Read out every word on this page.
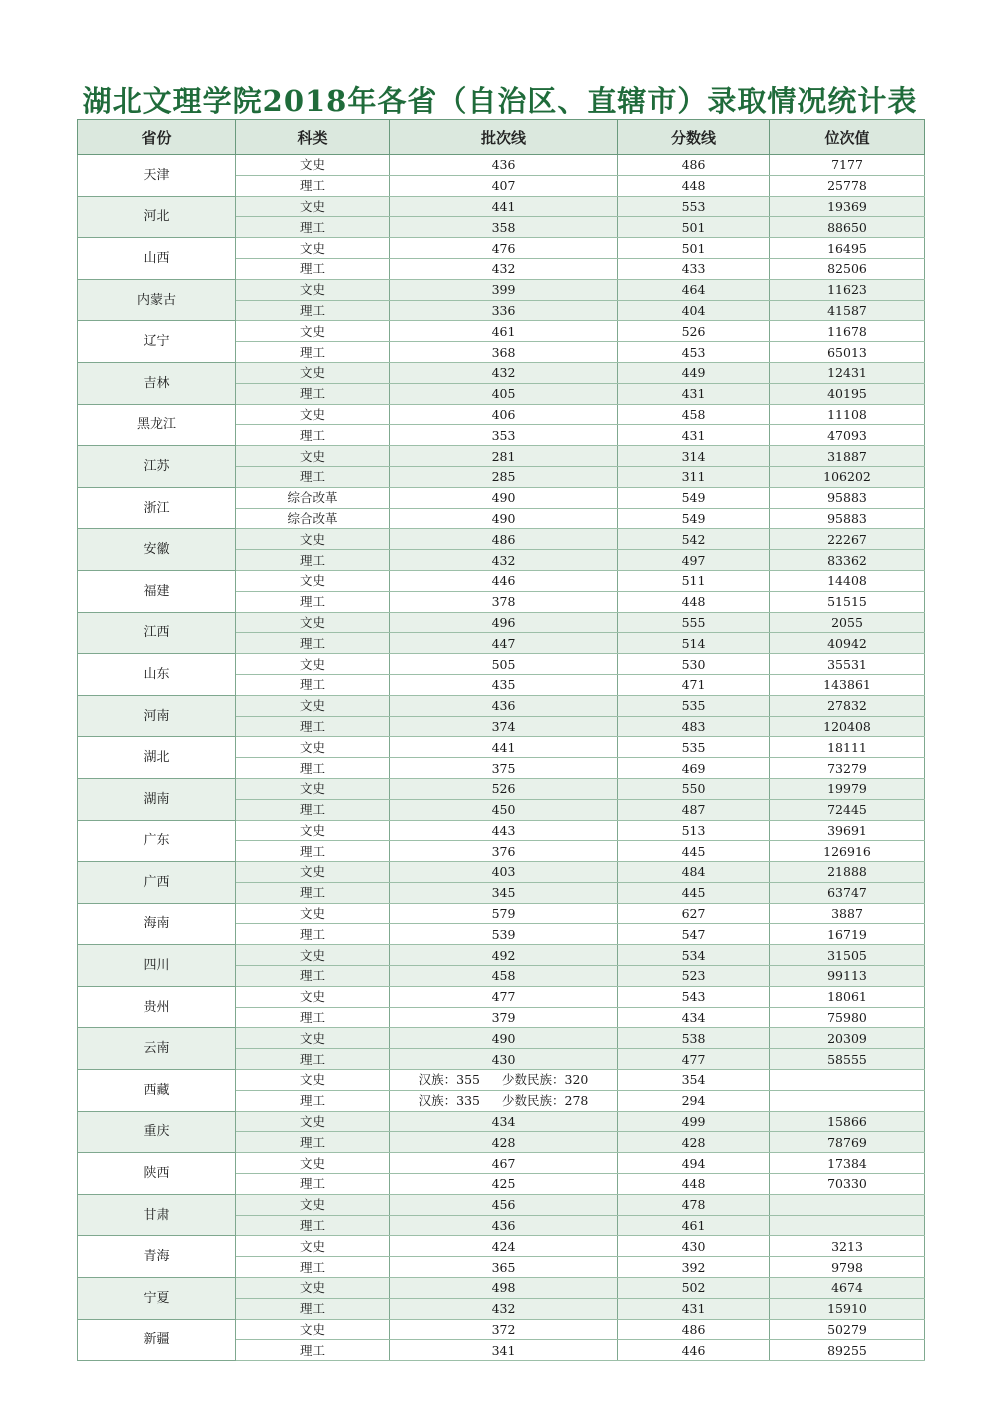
湖北文理学院2018年各省（自治区、直辖市）录取情况统计表
省份	科类	批次线	分数线	位次值
天津	文史	436	486	7177
	理工	407	448	25778
河北	文史	441	553	19369
	理工	358	501	88650
山西	文史	476	501	16495
	理工	432	433	82506
内蒙古	文史	399	464	11623
	理工	336	404	41587
辽宁	文史	461	526	11678
	理工	368	453	65013
吉林	文史	432	449	12431
	理工	405	431	40195
黑龙江	文史	406	458	11108
	理工	353	431	47093
江苏	文史	281	314	31887
	理工	285	311	106202
浙江	综合改革	490	549	95883
	综合改革	490	549	95883
安徽	文史	486	542	22267
	理工	432	497	83362
福建	文史	446	511	14408
	理工	378	448	51515
江西	文史	496	555	2055
	理工	447	514	40942
山东	文史	505	530	35531
	理工	435	471	143861
河南	文史	436	535	27832
	理工	374	483	120408
湖北	文史	441	535	18111
	理工	375	469	73279
湖南	文史	526	550	19979
	理工	450	487	72445
广东	文史	443	513	39691
	理工	376	445	126916
广西	文史	403	484	21888
	理工	345	445	63747
海南	文史	579	627	3887
	理工	539	547	16719
四川	文史	492	534	31505
	理工	458	523	99113
贵州	文史	477	543	18061
	理工	379	434	75980
云南	文史	490	538	20309
	理工	430	477	58555
西藏	文史	汉族：355 少数民族：320	354	
	理工	汉族：335 少数民族：278	294	
重庆	文史	434	499	15866
	理工	428	428	78769
陕西	文史	467	494	17384
	理工	425	448	70330
甘肃	文史	456	478	
	理工	436	461	
青海	文史	424	430	3213
	理工	365	392	9798
宁夏	文史	498	502	4674
	理工	432	431	15910
新疆	文史	372	486	50279
	理工	341	446	89255
